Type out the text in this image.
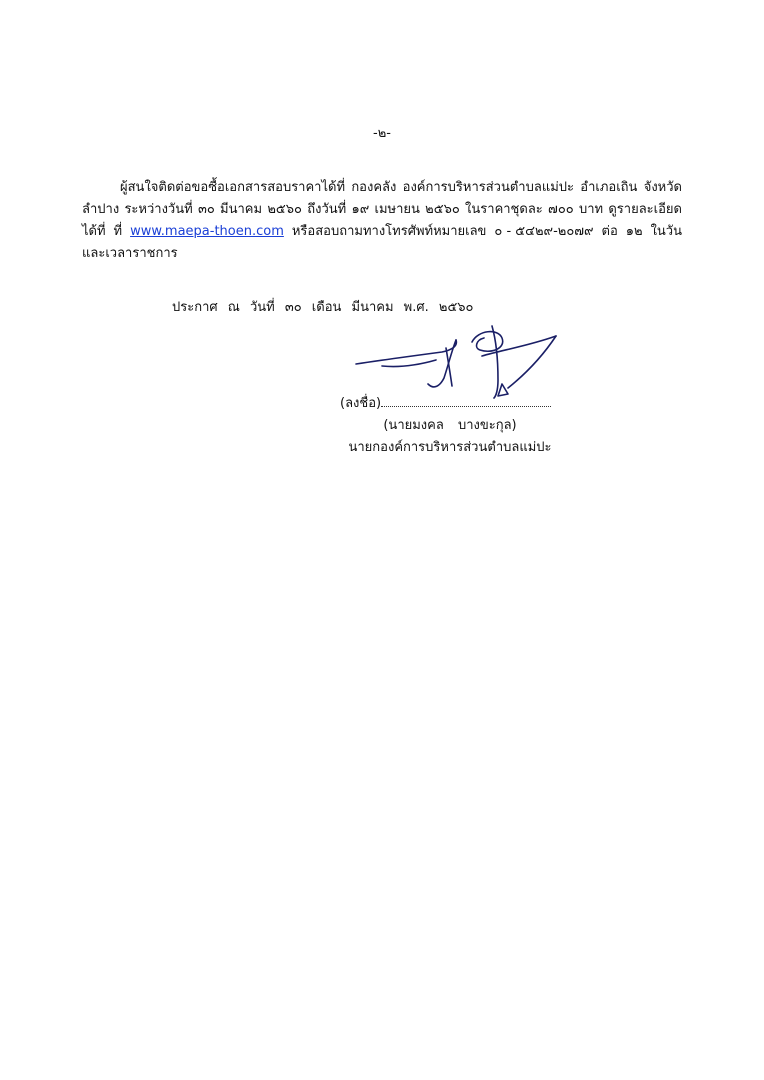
-๒-
ผู้สนใจติดต่อขอซื้อเอกสารสอบราคาได้ที่ กองคลัง องค์การบริหารส่วนตำบลแม่ปะ อำเภอเถิน จังหวัด
ลำปาง ระหว่างวันที่ ๓๐ มีนาคม ๒๕๖๐ ถึงวันที่ ๑๙ เมษายน ๒๕๖๐ ในราคาชุดละ ๗๐๐ บาท ดูรายละเอียด
ได้ที่ ที่ www.maepa-thoen.com หรือสอบถามทางโทรศัพท์หมายเลข ๐ - ๕๔๒๙-๒๐๗๙ ต่อ ๑๒ ในวัน
และเวลาราชการ
ประกาศ ณ วันที่ ๓๐ เดือน มีนาคม พ.ศ. ๒๕๖๐
(ลงชื่อ)
(นายมงคล บางขะกุล)
นายกองค์การบริหารส่วนตำบลแม่ปะ
